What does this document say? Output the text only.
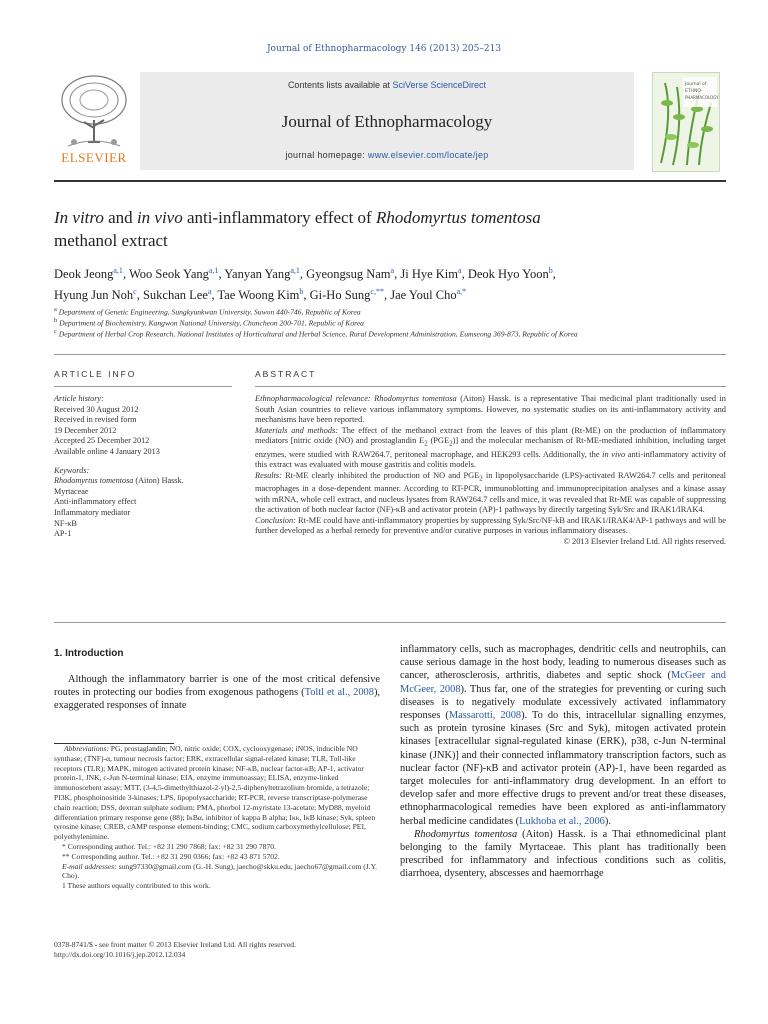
Journal of Ethnopharmacology 146 (2013) 205–213
ELSEVIER
Contents lists available at SciVerse ScienceDirect
Journal of Ethnopharmacology
journal homepage: www.elsevier.com/locate/jep
Journal of
ETHNO-
PHARMACOLOGY
In vitro and in vivo anti-inflammatory effect of Rhodomyrtus tomentosa
methanol extract
Deok Jeong$^{a,1}$, Woo Seok Yang$^{a,1}$, Yanyan Yang$^{a,1}$, Gyeongsug Nam$^a$, Ji Hye Kim$^a$, Deok Hyo Yoon$^b$,
Hyung Jun Noh$^c$, Sukchan Lee$^a$, Tae Woong Kim$^b$, Gi-Ho Sung$^{c,**}$, Jae Youl Cho$^{a,*}$
$^a$ Department of Genetic Engineering, Sungkyunkwan University, Suwon 440-746, Republic of Korea
$^b$ Department of Biochemistry, Kangwon National University, Chuncheon 200-701, Republic of Korea
$^c$ Department of Herbal Crop Research, National Institutes of Horticultural and Herbal Science, Rural Development Administration, Eumseong 369-873, Republic of Korea
ARTICLE INFO	ABSTRACT
Article history:
Received 30 August 2012
Received in revised form
19 December 2012
Accepted 25 December 2012
Available online 4 January 2013
Keywords:
Rhodomyrtus tomentosa (Aiton) Hassk.
Myrtaceae
Anti-inflammatory effect
Inflammatory mediator
NF-κB
AP-1
Ethnopharmacological relevance: Rhodomyrtus tomentosa (Aiton) Hassk. is a representative Thai medicinal plant traditionally used in South Asian countries to relieve various inflammatory symptoms. However, no systematic studies on its anti-inflammatory activity and mechanisms have been reported.
Materials and methods: The effect of the methanol extract from the leaves of this plant (Rt-ME) on the production of inflammatory mediators [nitric oxide (NO) and prostaglandin $E_2$ $(PGE_2)$] and the molecular mechanism of Rt-ME-mediated inhibition, including target enzymes, were studied with RAW264.7, peritoneal macrophage, and HEK293 cells. Additionally, the in vivo anti-inflammatory activity of this extract was evaluated with mouse gastritis and colitis models.
Results: Rt-ME clearly inhibited the production of NO and $PGE_2$ in lipopolysaccharide (LPS)-activated RAW264.7 cells and peritoneal macrophages in a dose-dependent manner. According to RT-PCR, immunoblotting and immunoprecipitation analyses and a kinase assay with mRNA, whole cell extract, and nucleus lysates from RAW264.7 cells and mice, it was revealed that Rt-ME was capable of suppressing the activation of both nuclear factor (NF)-κB and activator protein (AP)-1 pathways by directly targeting Syk/Src and IRAK1/IRAK4.
Conclusion: Rt-ME could have anti-inflammatory properties by suppressing Syk/Src/NF-kB and IRAK1/IRAK4/AP-1 pathways and will be further developed as a herbal remedy for preventive and/or curative purposes in various inflammatory diseases.
© 2013 Elsevier Ireland Ltd. All rights reserved.
1. Introduction

Although the inflammatory barrier is one of the most critical defensive routes in protecting our bodies from exogenous pathogens (Toltl et al., 2008), exaggerated responses of innate

Abbreviations: PG, prostaglandin; NO, nitric oxide; COX, cyclooxygenase; iNOS, inducible NO synthase; (TNF)-α, tumour necrosis factor; ERK, extracellular signal-related kinase; TLR, Toll-like receptors (TLR); MAPK, mitogen activated protein kinase; NF-κB, nuclear factor-κB; AP-1, activator protein-1, JNK, c-Jun N-terminal kinase; EIA, enzyme immunoassay; ELISA, enzyme-linked immunosorbent assay; MTT, (3-4,5-dimethylthiazol-2-yl)-2,5-diphenyltetrazolium bromide, a tetrazole; PI3K, phosphoinositide 3-kinases; LPS, lipopolysaccharide; RT-PCR, reverse transcriptase-polymerase chain reaction; DSS, dextran sulphate sodium; PMA, phorbol 12-myristate 13-acetate; MyD88, myeloid differentiation primary response gene (88); IκBα, inhibitor of kappa B alpha; Iκκ, IκB kinase; Syk, spleen tyrosine kinase; CREB, cAMP response element-binding; CMC, sodium carboxymethylcellulose; PEI, polyethylenimine.

* Corresponding author. Tel.: +82 31 290 7868; fax: +82 31 290 7870.

** Corresponding author. Tel.: +82 31 290 0366; fax: +82 43 871 5702.

E-mail addresses: sung97330@gmail.com (G.-H. Sung), jaecho@skku.edu, jaecho67@gmail.com (J.Y. Cho).

1 These authors equally contributed to this work.

0378-8741/$ - see front matter © 2013 Elsevier Ireland Ltd. All rights reserved.
http://dx.doi.org/10.1016/j.jep.2012.12.034

inflammatory cells, such as macrophages, dendritic cells and neutrophils, can cause serious damage in the host body, leading to numerous diseases such as cancer, atherosclerosis, arthritis, diabetes and septic shock (McGeer and McGeer, 2008). Thus far, one of the strategies for preventing or curing such diseases is to negatively modulate excessively activated inflammatory responses (Massarotti, 2008). To do this, intracellular signalling enzymes, such as protein tyrosine kinases (Src and Syk), mitogen activated protein kinases [extracellular signal-regulated kinase (ERK), p38, c-Jun N-terminal kinase (JNK)] and their connected inflammatory transcription factors, such as nuclear factor (NF)-κB and activator protein (AP)-1, have been regarded as target molecules for anti-inflammatory drug development. In an effort to develop safer and more effective drugs to prevent and/or treat these diseases, ethnopharmacological remedies have been explored as anti-inflammatory herbal medicine candidates (Lukhoba et al., 2006).

Rhodomyrtus tomentosa (Aiton) Hassk. is a Thai ethnomedicinal plant belonging to the family Myrtaceae. This plant has traditionally been prescribed for inflammatory and infectious conditions such as colitis, diarrhoea, dysentery, abscesses and haemorrhage
